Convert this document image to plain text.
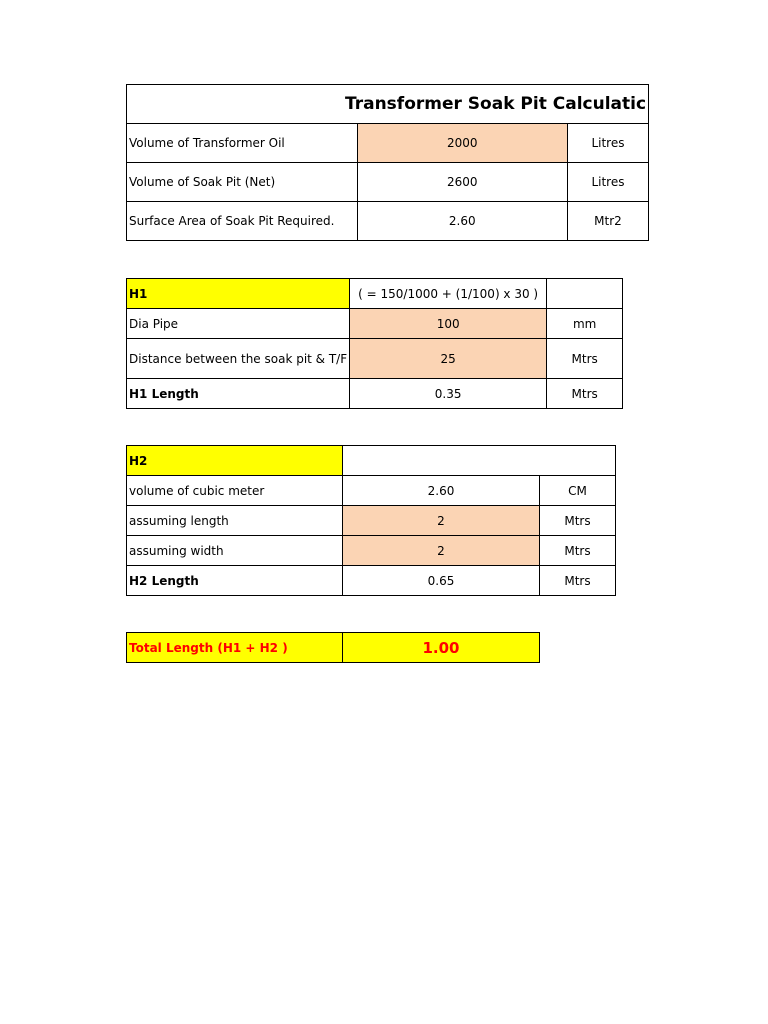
Transformer Soak Pit Calculatic		
Volume of Transformer Oil	2000	Litres
Volume of Soak Pit (Net)	2600	Litres
Surface Area of Soak Pit Required.	2.60	Mtr2
H1	( = 150/1000 + (1/100) x 30 )	
Dia Pipe	100	mm
Distance between the soak pit & T/F	25	Mtrs
H1 Length	0.35	Mtrs
H2		
volume of cubic meter	2.60	CM
assuming length	2	Mtrs
assuming width	2	Mtrs
H2 Length	0.65	Mtrs
Total Length (H1 + H2 )	1.00
